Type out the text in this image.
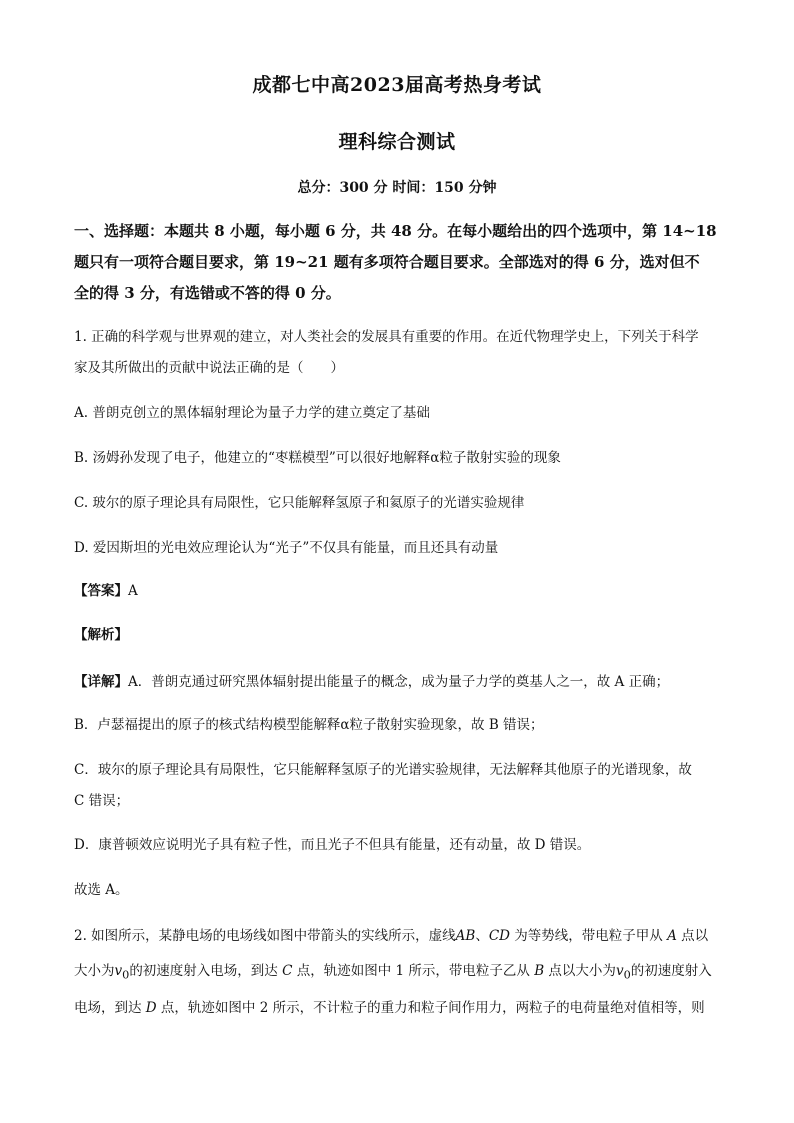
成都七中高2023届高考热身考试
理科综合测试
总分：300 分 时间：150 分钟
一、选择题：本题共 8 小题，每小题 6 分，共 48 分。在每小题给出的四个选项中，第 14~18
题只有一项符合题目要求，第 19~21 题有多项符合题目要求。全部选对的得 6 分，选对但不
全的得 3 分，有选错或不答的得 0 分。
1. 正确的科学观与世界观的建立，对人类社会的发展具有重要的作用。在近代物理学史上，下列关于科学
家及其所做出的贡献中说法正确的是（　　）
A. 普朗克创立的黑体辐射理论为量子力学的建立奠定了基础
B. 汤姆孙发现了电子，他建立的“枣糕模型”可以很好地解释α粒子散射实验的现象
C. 玻尔的原子理论具有局限性，它只能解释氢原子和氦原子的光谱实验规律
D. 爱因斯坦的光电效应理论认为“光子”不仅具有能量，而且还具有动量
【答案】A
【解析】
【详解】A．普朗克通过研究黑体辐射提出能量子的概念，成为量子力学的奠基人之一，故 A 正确；
B．卢瑟福提出的原子的核式结构模型能解释α粒子散射实验现象，故 B 错误；
C．玻尔的原子理论具有局限性，它只能解释氢原子的光谱实验规律，无法解释其他原子的光谱现象，故
C 错误；
D．康普顿效应说明光子具有粒子性，而且光子不但具有能量，还有动量，故 D 错误。
故选 A。
2. 如图所示，某静电场的电场线如图中带箭头的实线所示，虚线AB、CD 为等势线，带电粒子甲从 A 点以
大小为$v_0$的初速度射入电场，到达 C 点，轨迹如图中 1 所示，带电粒子乙从 B 点以大小为$v_0$的初速度射入
电场，到达 D 点，轨迹如图中 2 所示，不计粒子的重力和粒子间作用力，两粒子的电荷量绝对值相等，则
